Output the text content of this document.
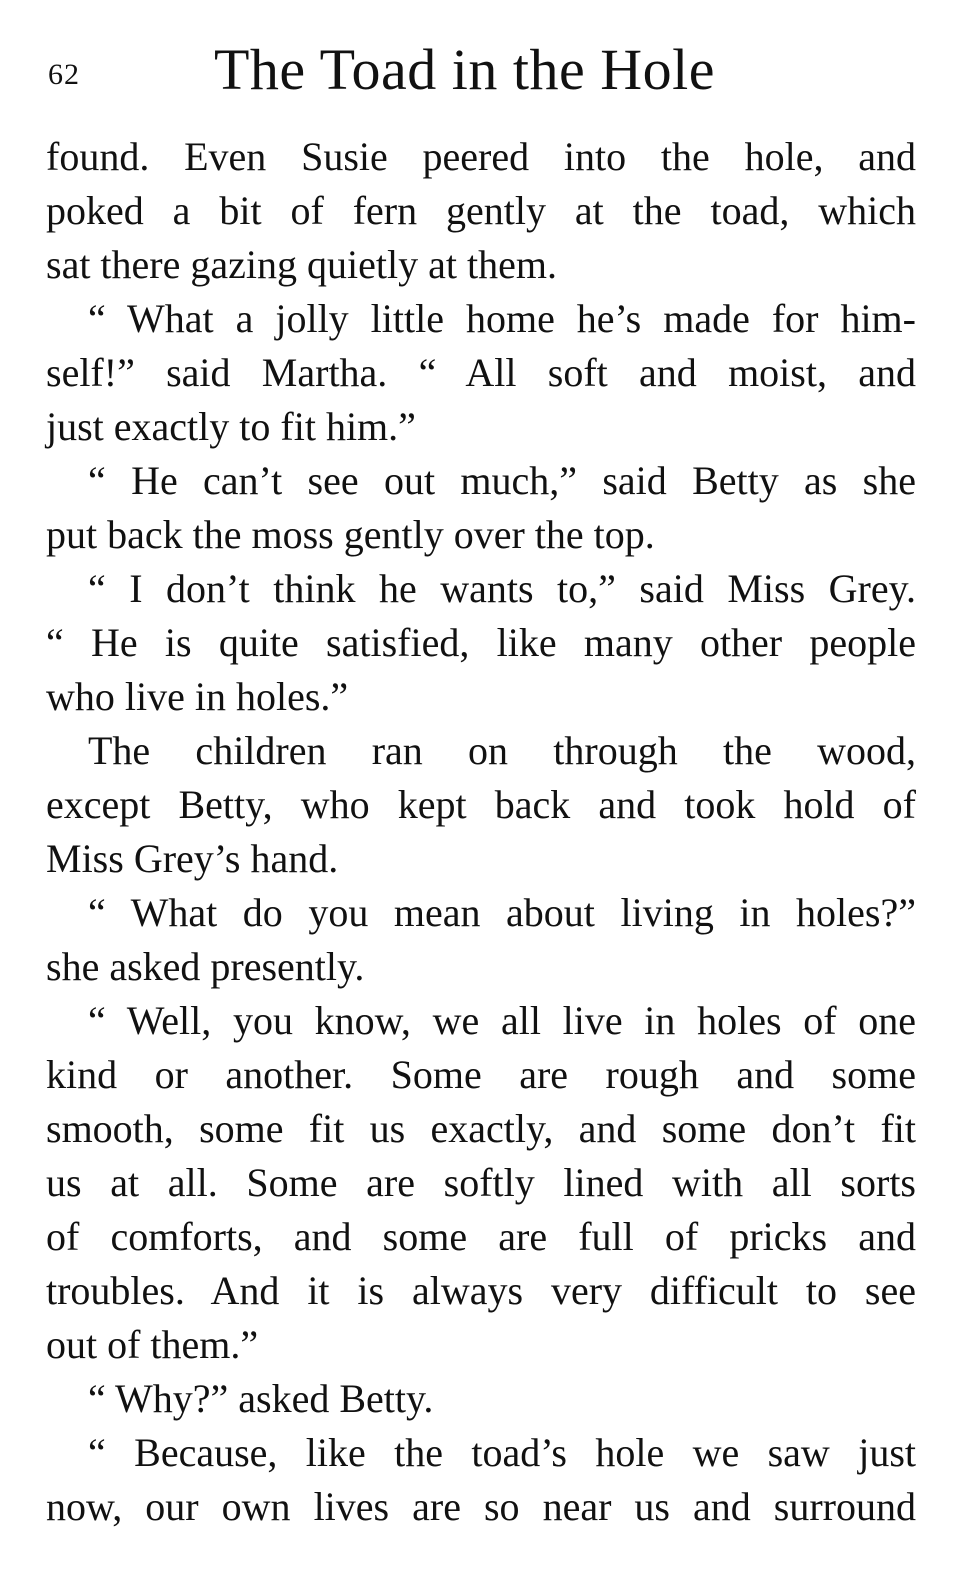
62 The Toad in the Hole
found. Even Susie peered into the hole, and
poked a bit of fern gently at the toad, which
sat there gazing quietly at them.
“ What a jolly little home he’s made for him-
self!” said Martha. “ All soft and moist, and
just exactly to fit him.”
“ He can’t see out much,” said Betty as she
put back the moss gently over the top.
“ I don’t think he wants to,” said Miss Grey.
“ He is quite satisfied, like many other people
who live in holes.”
The children ran on through the wood,
except Betty, who kept back and took hold of
Miss Grey’s hand.
“ What do you mean about living in holes?”
she asked presently.
“ Well, you know, we all live in holes of one
kind or another. Some are rough and some
smooth, some fit us exactly, and some don’t fit
us at all. Some are softly lined with all sorts
of comforts, and some are full of pricks and
troubles. And it is always very difficult to see
out of them.”
“ Why?” asked Betty.
“ Because, like the toad’s hole we saw just
now, our own lives are so near us and surround
